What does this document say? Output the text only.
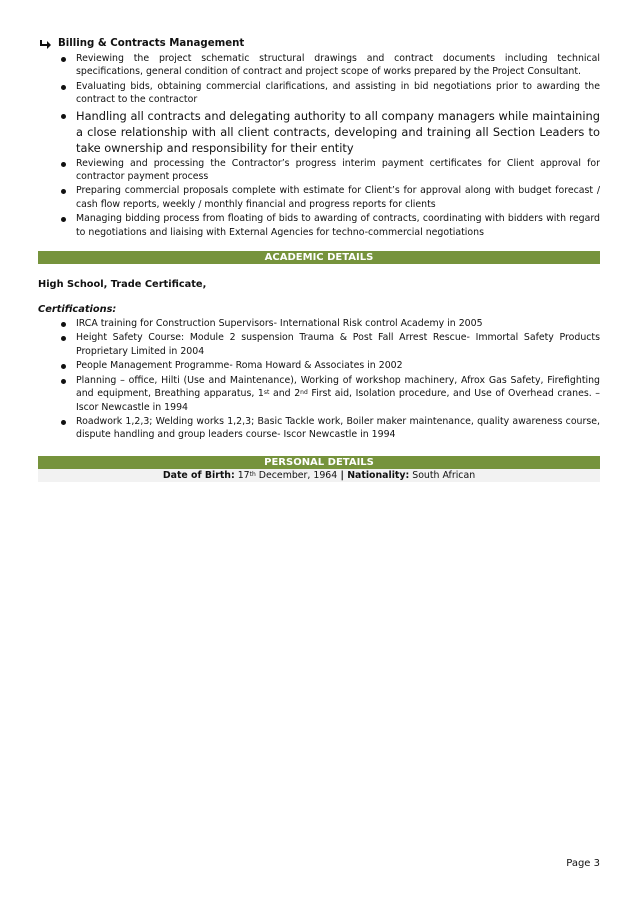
Billing & Contracts Management
Reviewing the project schematic structural drawings and contract documents including technical specifications, general condition of contract and project scope of works prepared by the Project Consultant.
Evaluating bids, obtaining commercial clarifications, and assisting in bid negotiations prior to awarding the contract to the contractor
Handling all contracts and delegating authority to all company managers while maintaining a close relationship with all client contracts, developing and training all Section Leaders to take ownership and responsibility for their entity
Reviewing and processing the Contractor’s progress interim payment certificates for Client approval for contractor payment process
Preparing commercial proposals complete with estimate for Client’s for approval along with budget forecast / cash flow reports, weekly / monthly financial and progress reports for clients
Managing bidding process from floating of bids to awarding of contracts, coordinating with bidders with regard to negotiations and liaising with External Agencies for techno-commercial negotiations
ACADEMIC DETAILS
High School, Trade Certificate,
Certifications:
IRCA training for Construction Supervisors- International Risk control Academy in 2005
Height Safety Course: Module 2 suspension Trauma & Post Fall Arrest Rescue- Immortal Safety Products Proprietary Limited in 2004
People Management Programme- Roma Howard & Associates in 2002
Planning – office, Hilti (Use and Maintenance), Working of workshop machinery, Afrox Gas Safety, Firefighting and equipment, Breathing apparatus, 1st and 2nd First aid, Isolation procedure, and Use of Overhead cranes. – Iscor Newcastle in 1994
Roadwork 1,2,3; Welding works 1,2,3; Basic Tackle work, Boiler maker maintenance, quality awareness course, dispute handling and group leaders course- Iscor Newcastle in 1994
PERSONAL DETAILS
Date of Birth: 17th December, 1964 | Nationality: South African
Page 3
